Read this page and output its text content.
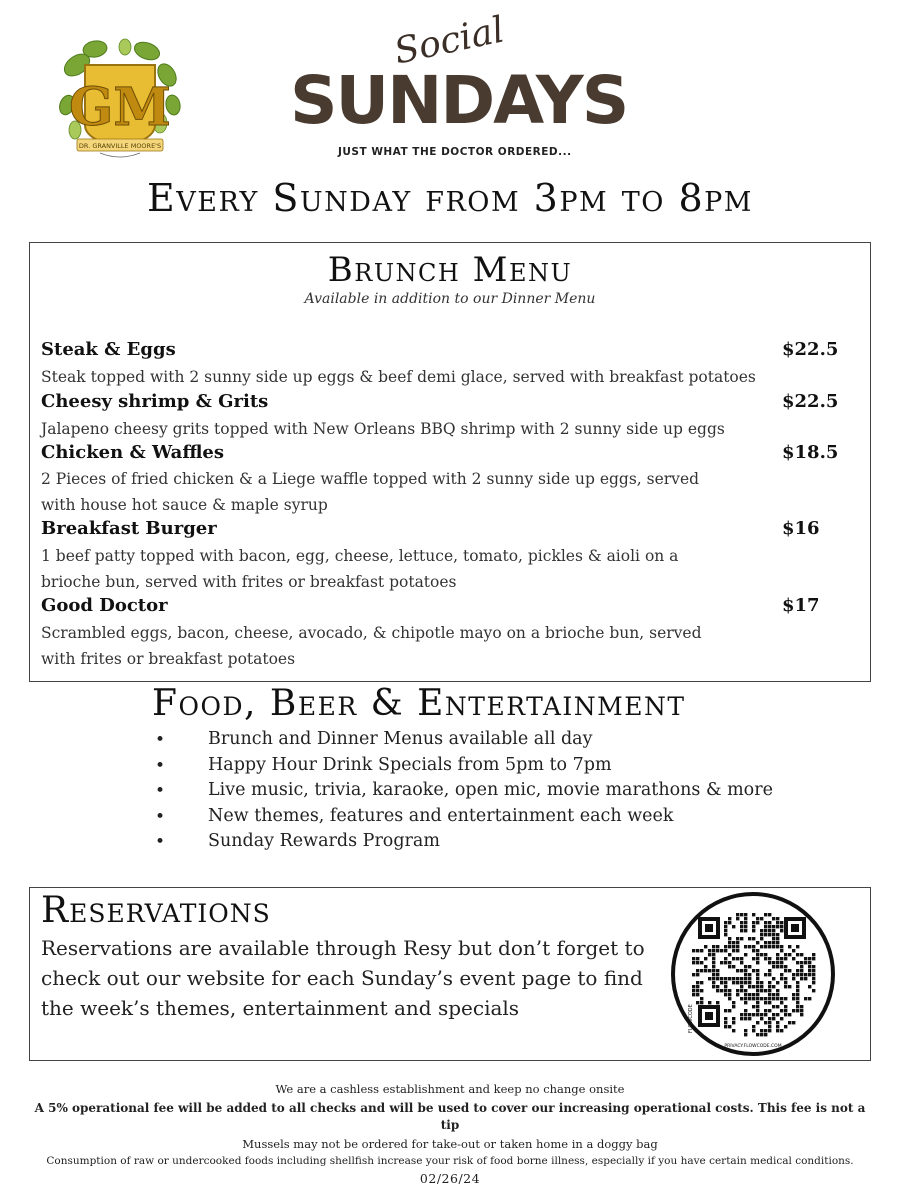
GM
DR. GRANVILLE MOORE'S
Social
SUNDAYS
JUST WHAT THE DOCTOR ORDERED...
Every Sunday from 3pm to 8pm
Brunch Menu
Available in addition to our Dinner Menu
Steak & Eggs	$22.5
Steak topped with 2 sunny side up eggs & beef demi glace, served with breakfast potatoes
Cheesy shrimp & Grits	$22.5
Jalapeno cheesy grits topped with New Orleans BBQ shrimp with 2 sunny side up eggs
Chicken & Waffles	$18.5
2 Pieces of fried chicken & a Liege waffle topped with 2 sunny side up eggs, served with house hot sauce & maple syrup
Breakfast Burger	$16
1 beef patty topped with bacon, egg, cheese, lettuce, tomato, pickles & aioli on a brioche bun, served with frites or breakfast potatoes
Good Doctor	$17
Scrambled eggs, bacon, cheese, avocado, & chipotle mayo on a brioche bun, served with frites or breakfast potatoes
Food, Beer & Entertainment
• Brunch and Dinner Menus available all day
• Happy Hour Drink Specials from 5pm to 7pm
• Live music, trivia, karaoke, open mic, movie marathons & more
• New themes, features and entertainment each week
• Sunday Rewards Program
Reservations
Reservations are available through Resy but don’t forget to check out our website for each Sunday’s event page to find the week’s themes, entertainment and specials	FLOWCODE
PRIVACY.FLOWCODE.COM
We are a cashless establishment and keep no change onsite
A 5% operational fee will be added to all checks and will be used to cover our increasing operational costs. This fee is not a tip
Mussels may not be ordered for take-out or taken home in a doggy bag
Consumption of raw or undercooked foods including shellfish increase your risk of food borne illness, especially if you have certain medical conditions.
02/26/24
